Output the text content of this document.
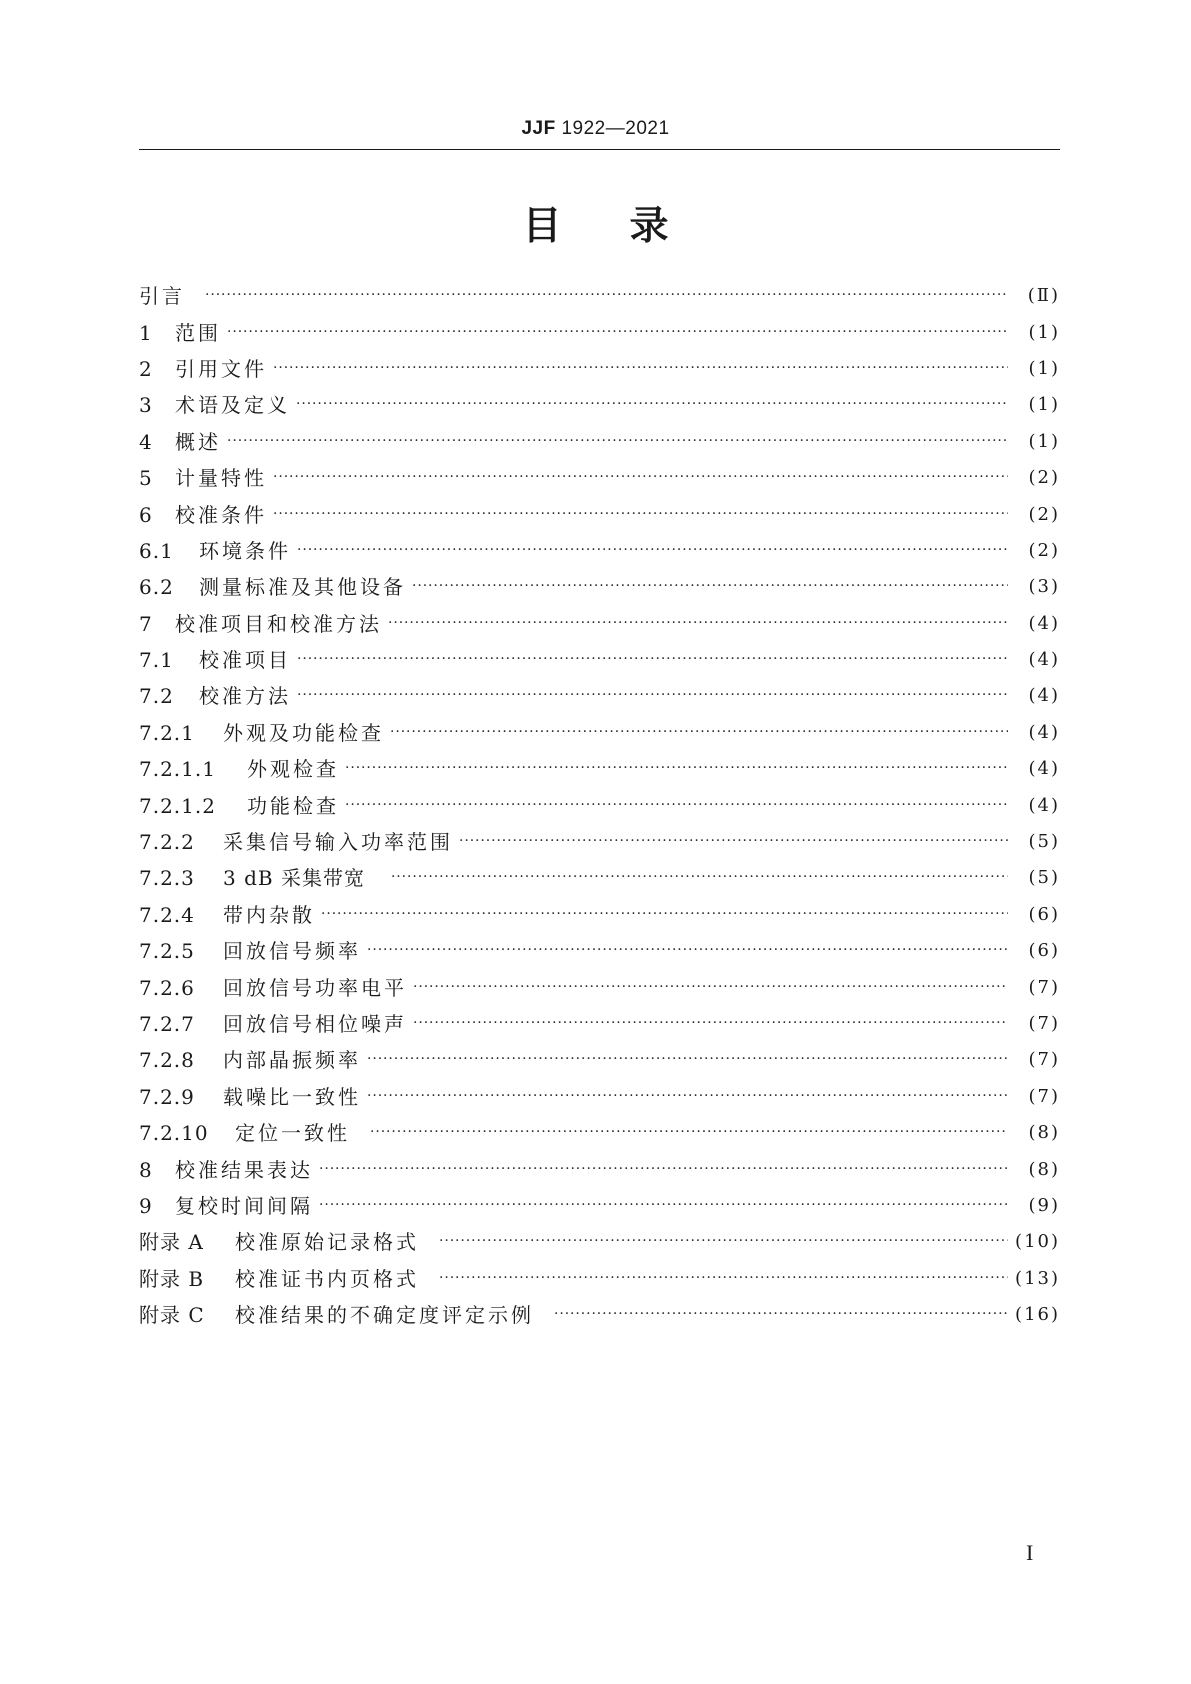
JJF 1922—2021
目 录
引言 ·····	(Ⅱ)
1	范围 ·····	(1)
2	引用文件 ·····	(1)
3	术语及定义 ·····	(1)
4	概述 ·····	(1)
5	计量特性 ·····	(2)
6	校准条件 ·····	(2)
6.1	环境条件 ·····	(2)
6.2	测量标准及其他设备 ·····	(3)
7	校准项目和校准方法 ·····	(4)
7.1	校准项目 ·····	(4)
7.2	校准方法 ·····	(4)
7.2.1	外观及功能检查 ·····	(4)
7.2.1.1	外观检查 ·····	(4)
7.2.1.2	功能检查 ·····	(4)
7.2.2	采集信号输入功率范围 ·····	(5)
7.2.3	3 dB 采集带宽 ·····	(5)
7.2.4	带内杂散 ·····	(6)
7.2.5	回放信号频率 ·····	(6)
7.2.6	回放信号功率电平 ·····	(7)
7.2.7	回放信号相位噪声 ·····	(7)
7.2.8	内部晶振频率 ·····	(7)
7.2.9	载噪比一致性 ·····	(7)
7.2.10	定位一致性 ·····	(8)
8	校准结果表达 ·····	(8)
9	复校时间间隔 ·····	(9)
附录 A	校准原始记录格式 ·····	(10)
附录 B	校准证书内页格式 ·····	(13)
附录 C	校准结果的不确定度评定示例 ·····	(16)
I
